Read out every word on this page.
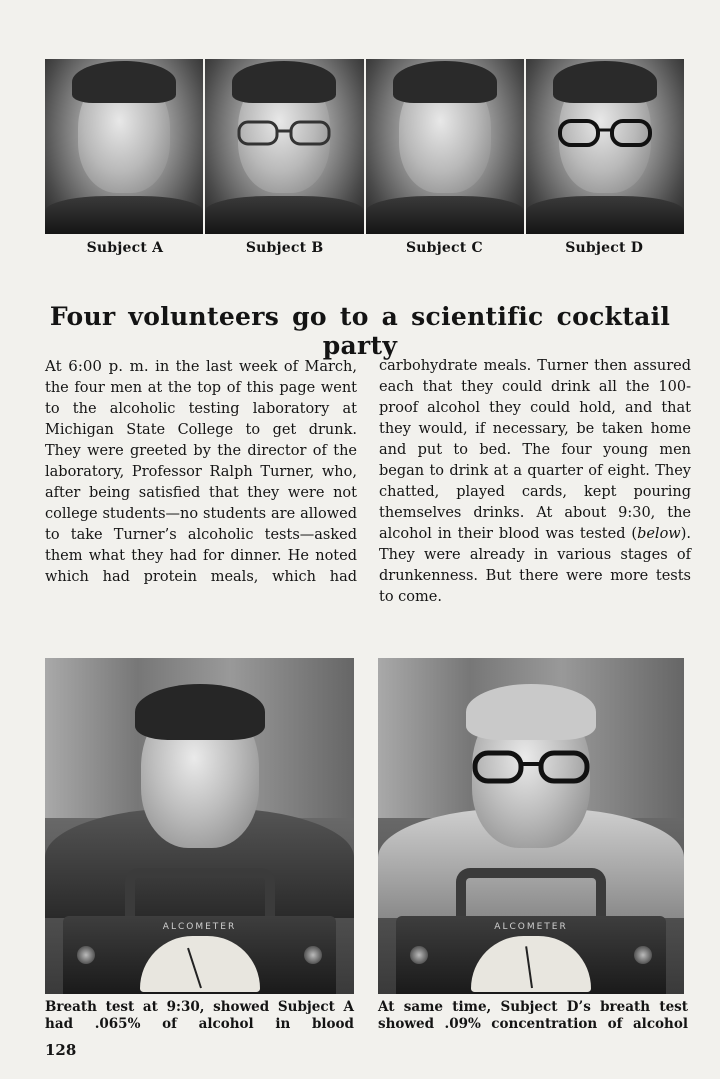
Subject A	Subject B	Subject C	Subject D
Four volunteers go to a scientific cocktail party

At 6:00 p. m. in the last week of March, the four men at the top of this page went to the alcoholic testing laboratory at Michigan State College to get drunk. They were greeted by the director of the laboratory, Professor Ralph Turner, who, after being satisfied that they were not college students—no students are allowed to take Turner’s alcoholic tests—asked them what they had for dinner. He noted which had protein meals, which had carbohydrate meals. Turner then assured each that they could drink all the 100-proof alcohol they could hold, and that they would, if necessary, be taken home and put to bed. The four young men began to drink at a quarter of eight. They chatted, played cards, kept pouring themselves drinks. At about 9:30, the alcohol in their blood was tested (below). They were already in various stages of drunkenness. But there were more tests to come.

ALCOMETER	ALCOMETER

Breath test at 9:30, showed Subject A had .065% of alcohol in blood

At same time, Subject D’s breath test showed .09% concentration of alcohol

128
